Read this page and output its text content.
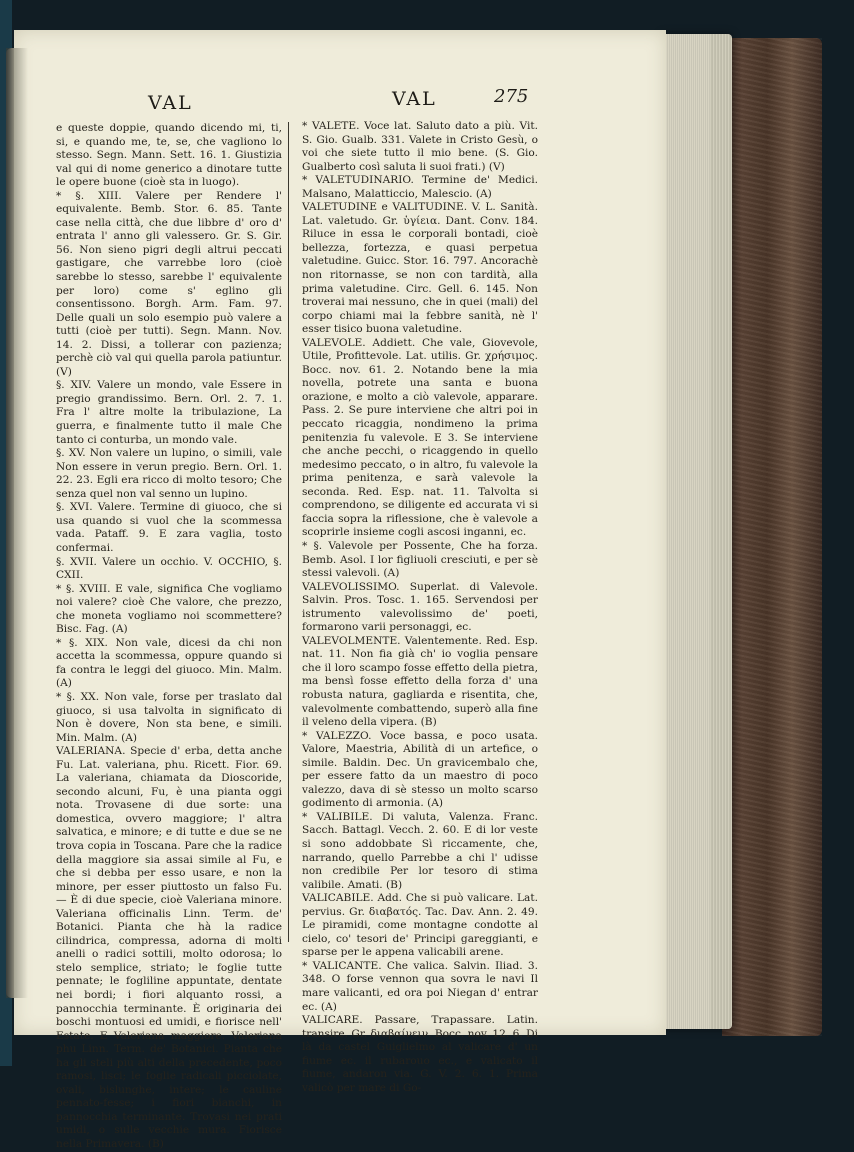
VAL	VAL	275

e queste doppie, quando dicendo mi, ti, si, e quando me, te, se, che vagliono lo stesso. Segn. Mann. Sett. 16. 1. Giustizia val qui di nome generico a dinotare tutte le opere buone (cioè sta in luogo).

* §. XIII. Valere per Rendere l' equivalente. Bemb. Stor. 6. 85. Tante case nella città, che due libbre d' oro d' entrata l' anno gli valessero. Gr. S. Gir. 56. Non sieno pigri degli altrui peccati gastigare, che varrebbe loro (cioè sarebbe lo stesso, sarebbe l' equivalente per loro) come s' eglino gli consentissono. Borgh. Arm. Fam. 97. Delle quali un solo esempio può valere a tutti (cioè per tutti). Segn. Mann. Nov. 14. 2. Dissi, a tollerar con pazienza; perchè ciò val qui quella parola patiuntur. (V)

§. XIV. Valere un mondo, vale Essere in pregio grandissimo. Bern. Orl. 2. 7. 1. Fra l' altre molte la tribulazione, La guerra, e finalmente tutto il male Che tanto ci conturba, un mondo vale.

§. XV. Non valere un lupino, o simili, vale Non essere in verun pregio. Bern. Orl. 1. 22. 23. Egli era ricco di molto tesoro; Che senza quel non val senno un lupino.

§. XVI. Valere. Termine di giuoco, che si usa quando si vuol che la scommessa vada. Pataff. 9. E zara vaglia, tosto confermai.

§. XVII. Valere un occhio. V. OCCHIO, §. CXII.

* §. XVIII. E vale, significa Che vogliamo noi valere? cioè Che valore, che prezzo, che moneta vogliamo noi scommettere? Bisc. Fag. (A)

* §. XIX. Non vale, dicesi da chi non accetta la scommessa, oppure quando si fa contra le leggi del giuoco. Min. Malm. (A)

* §. XX. Non vale, forse per traslato dal giuoco, si usa talvolta in significato di Non è dovere, Non sta bene, e simili. Min. Malm. (A)

VALERIANA. Specie d' erba, detta anche Fu. Lat. valeriana, phu. Ricett. Fior. 69. La valeriana, chiamata da Dioscoride, secondo alcuni, Fu, è una pianta oggi nota. Trovasene di due sorte: una domestica, ovvero maggiore; l' altra salvatica, e minore; e di tutte e due se ne trova copia in Toscana. Pare che la radice della maggiore sia assai simile al Fu, e che si debba per esso usare, e non la minore, per esser piuttosto un falso Fu. — È di due specie, cioè Valeriana minore. Valeriana officinalis Linn. Term. de' Botanici. Pianta che hà la radice cilindrica, compressa, adorna di molti anelli o radici sottili, molto odorosa; lo stelo semplice, striato; le foglie tutte pennate; le fogliline appuntate, dentate nei bordi; i fiori alquanto rossi, a pannocchia terminante. È originaria dei boschi montuosi ed umidi, e fiorisce nell' Estate. E Valeriana maggiore. Valeriana phu Linn. Term. de' Botanici. Pianta che ha gli steli più alti della precedente, poco ramosi, lisci; le foglie radicali picciolate, ovali, bislunghe, intere; le cauline pennato-fesse; i fiori bianchi, in pannocchia terminante. Trovasi nei prati umidi, o sulle vecchie mura. Fiorisce nella Primavera. (B)

* VALETE. Voce lat. Saluto dato a più. Vit. S. Gio. Gualb. 331. Valete in Cristo Gesù, o voi che siete tutto il mio bene. (S. Gio. Gualberto così saluta li suoi frati.) (V)

* VALETUDINARIO. Termine de' Medici. Malsano, Malatticcio, Malescio. (A)

VALETUDINE e VALITUDINE. V. L. Sanità. Lat. valetudo. Gr. ὑγίεια. Dant. Conv. 184. Riluce in essa le corporali bontadi, cioè bellezza, fortezza, e quasi perpetua valetudine. Guicc. Stor. 16. 797. Ancorachè non ritornasse, se non con tardità, alla prima valetudine. Circ. Gell. 6. 145. Non troverai mai nessuno, che in quei (mali) del corpo chiami mai la febbre sanità, nè l' esser tisico buona valetudine.

VALEVOLE. Addiett. Che vale, Giovevole, Utile, Profittevole. Lat. utilis. Gr. χρήσιμος. Bocc. nov. 61. 2. Notando bene la mia novella, potrete una santa e buona orazione, e molto a ciò valevole, apparare. Pass. 2. Se pure interviene che altri poi in peccato ricaggia, nondimeno la prima penitenzia fu valevole. E 3. Se interviene che anche pecchi, o ricaggendo in quello medesimo peccato, o in altro, fu valevole la prima penitenza, e sarà valevole la seconda. Red. Esp. nat. 11. Talvolta si comprendono, se diligente ed accurata vi si faccia sopra la riflessione, che è valevole a scoprirle insieme cogli ascosi inganni, ec.

* §. Valevole per Possente, Che ha forza. Bemb. Asol. I lor figliuoli cresciuti, e per sè stessi valevoli. (A)

VALEVOLISSIMO. Superlat. di Valevole. Salvin. Pros. Tosc. 1. 165. Servendosi per istrumento valevolissimo de' poeti, formarono varii personaggi, ec.

VALEVOLMENTE. Valentemente. Red. Esp. nat. 11. Non fia già ch' io voglia pensare che il loro scampo fosse effetto della pietra, ma bensì fosse effetto della forza d' una robusta natura, gagliarda e risentita, che, valevolmente combattendo, superò alla fine il veleno della vipera. (B)

* VALEZZO. Voce bassa, e poco usata. Valore, Maestria, Abilità di un artefice, o simile. Baldin. Dec. Un gravicembalo che, per essere fatto da un maestro di poco valezzo, dava di sè stesso un molto scarso godimento di armonia. (A)

* VALIBILE. Di valuta, Valenza. Franc. Sacch. Battagl. Vecch. 2. 60. E di lor veste si sono addobbate Sì riccamente, che, narrando, quello Parrebbe a chi l' udisse non credibile Per lor tesoro di stima valibile. Amati. (B)

VALICABILE. Add. Che si può valicare. Lat. pervius. Gr. διαβατός. Tac. Dav. Ann. 2. 49. Le piramidi, come montagne condotte al cielo, co' tesori de' Principi gareggianti, e sparse per le appena valicabili arene.

* VALICANTE. Che valica. Salvin. Iliad. 3. 348. O forse vennon qua sovra le navi Il mare valicanti, ed ora poi Niegan d' entrar ec. (A)

VALICARE. Passare, Trapassare. Latin. transire. Gr. διαβαίνειν. Bocc. nov. 12. 6. Di là da castel Guiglielmo al valicare d' un fiume ec. il rubarouo ec., e valicato il fiume, andaron via. G. V. 2. 6. 1. Prima valicò per mare di Go-
